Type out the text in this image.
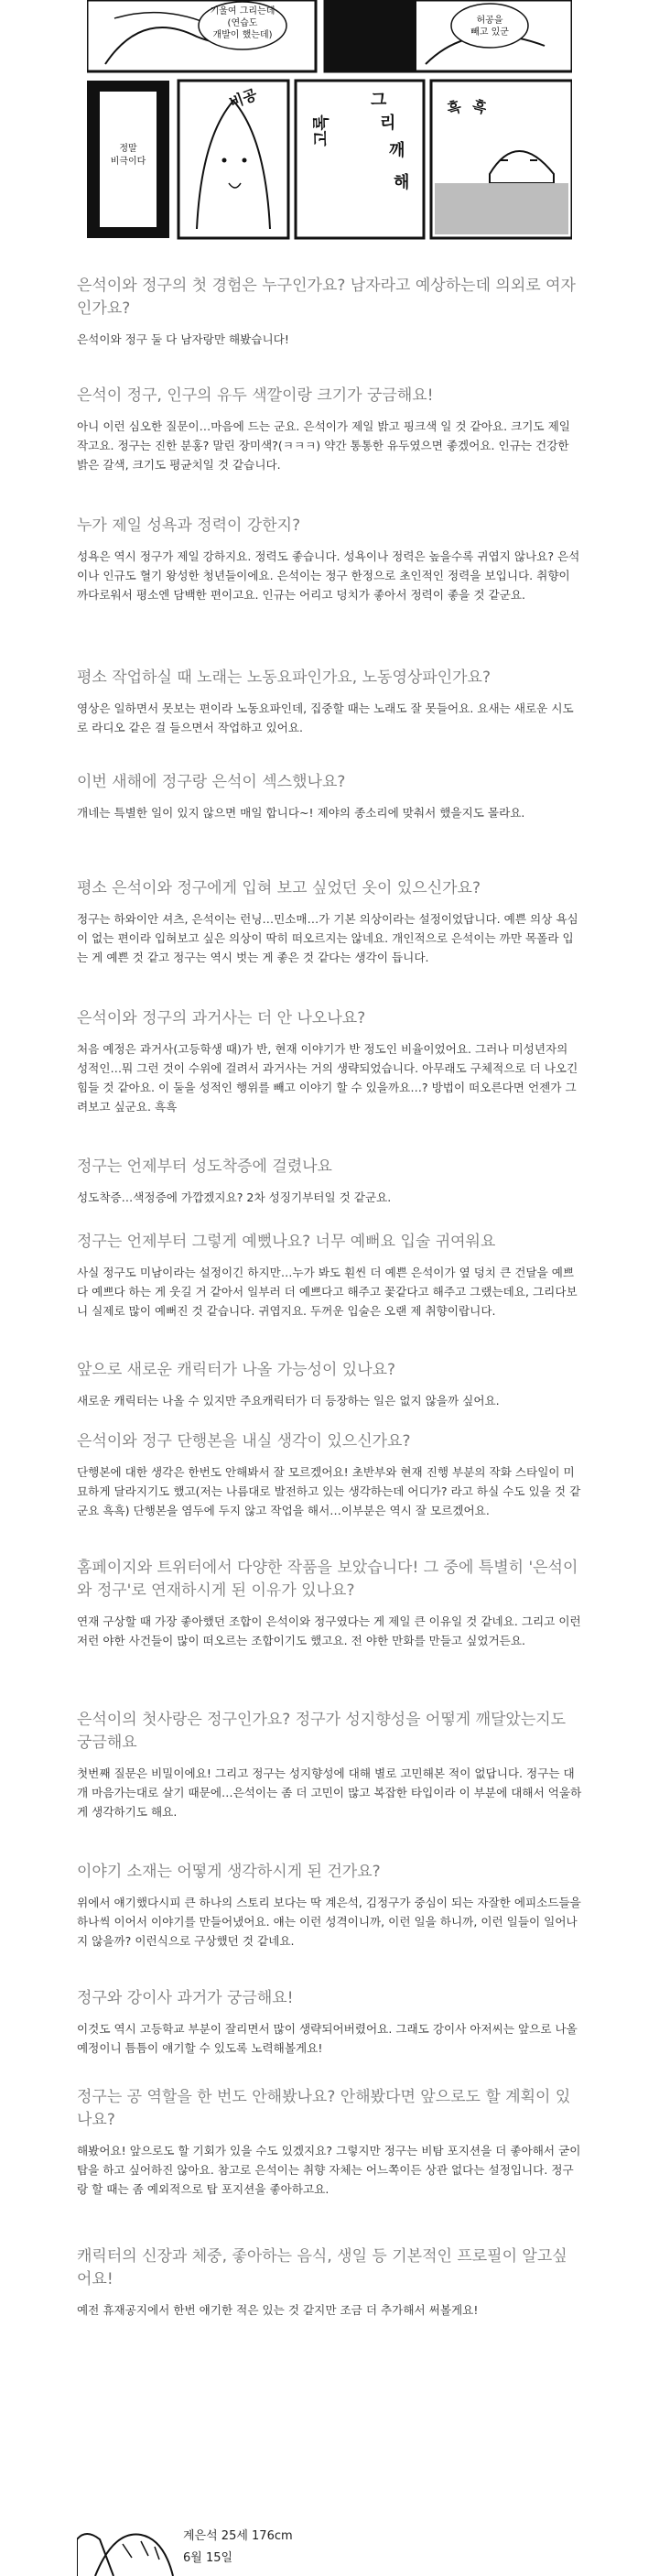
기울여 그리는데
(연습도
개발이 했는데)
허공을
빼고 있군
정말
비극이다
비공
고록
그
리
깨
해
흑 흑

은석이와 정구의 첫 경험은 누구인가요? 남자라고 예상하는데 의외로 여자인가요?

은석이와 정구 둘 다 남자랑만 해봤습니다!

은석이 정구, 인구의 유두 색깔이랑 크기가 궁금해요!

아니 이런 심오한 질문이…마음에 드는 군요. 은석이가 제일 밝고 핑크색 일 것 같아요. 크기도 제일 작고요. 정구는 진한 분홍? 말린 장미색?(ㅋㅋㅋ) 약간 통통한 유두였으면 좋겠어요. 인규는 건강한 밝은 갈색, 크기도 평균치일 것 같습니다.

누가 제일 성욕과 정력이 강한지?

성욕은 역시 정구가 제일 강하지요. 정력도 좋습니다. 성욕이나 정력은 높을수록 귀엽지 않나요? 은석이나 인규도 혈기 왕성한 청년들이에요. 은석이는 정구 한정으로 초인적인 정력을 보입니다. 취향이 까다로워서 평소엔 담백한 편이고요. 인규는 어리고 덩치가 좋아서 정력이 좋을 것 같군요.

평소 작업하실 때 노래는 노동요파인가요, 노동영상파인가요?

영상은 일하면서 못보는 편이라 노동요파인데, 집중할 때는 노래도 잘 못들어요. 요새는 새로운 시도로 라디오 같은 걸 들으면서 작업하고 있어요.

이번 새해에 정구랑 은석이 섹스했나요?

개네는 특별한 일이 있지 않으면 매일 합니다~! 제야의 종소리에 맞춰서 했을지도 몰라요.

평소 은석이와 정구에게 입혀 보고 싶었던 옷이 있으신가요?

정구는 하와이안 셔츠, 은석이는 런닝…민소매…가 기본 의상이라는 설정이었답니다. 예쁜 의상 욕심이 없는 편이라 입혀보고 싶은 의상이 딱히 떠오르지는 않네요. 개인적으로 은석이는 까만 목폴라 입는 게 예쁜 것 같고 정구는 역시 벗는 게 좋은 것 같다는 생각이 듭니다.

은석이와 정구의 과거사는 더 안 나오나요?

처음 예정은 과거사(고등학생 때)가 반, 현재 이야기가 반 정도인 비율이었어요. 그러나 미성년자의 성적인…뭐 그런 것이 수위에 걸려서 과거사는 거의 생략되었습니다. 아무래도 구체적으로 더 나오긴 힘들 것 같아요. 이 둘을 성적인 행위를 빼고 이야기 할 수 있을까요…? 방법이 떠오른다면 언젠가 그려보고 싶군요. 흑흑

정구는 언제부터 성도착증에 걸렸나요

성도착증…색정증에 가깝겠지요? 2차 성징기부터일 것 같군요.

정구는 언제부터 그렇게 예뻤나요? 너무 예뻐요 입술 귀여워요

사실 정구도 미남이라는 설정이긴 하지만…누가 봐도 훤씬 더 예쁜 은석이가 옆 덩치 큰 건달을 예쁘다 예쁘다 하는 게 웃길 거 같아서 일부러 더 예쁘다고 해주고 꽃같다고 해주고 그랬는데요, 그리다보니 실제로 많이 예뻐진 것 같습니다. 귀엽지요. 두꺼운 입술은 오랜 제 취향이랍니다.

앞으로 새로운 캐릭터가 나올 가능성이 있나요?

새로운 캐릭터는 나올 수 있지만 주요캐릭터가 더 등장하는 일은 없지 않을까 싶어요.

은석이와 정구 단행본을 내실 생각이 있으신가요?

단행본에 대한 생각은 한번도 안해봐서 잘 모르겠어요! 초반부와 현재 진행 부분의 작화 스타일이 미묘하게 달라지기도 했고(저는 나름대로 발전하고 있는 생각하는데 어디가? 라고 하실 수도 있을 것 같군요 흑흑) 단행본을 염두에 두지 않고 작업을 해서…이부분은 역시 잘 모르겠어요.

홈페이지와 트위터에서 다양한 작품을 보았습니다! 그 중에 특별히 '은석이와 정구'로 연재하시게 된 이유가 있나요?

연재 구상할 때 가장 좋아했던 조합이 은석이와 정구였다는 게 제일 큰 이유일 것 같네요. 그리고 이런저런 야한 사건들이 많이 떠오르는 조합이기도 했고요. 전 야한 만화를 만들고 싶었거든요.

은석이의 첫사랑은 정구인가요? 정구가 성지향성을 어떻게 깨달았는지도 궁금해요

첫번째 질문은 비밀이에요! 그리고 정구는 성지향성에 대해 별로 고민해본 적이 없답니다. 정구는 대개 마음가는대로 살기 때문에…은석이는 좀 더 고민이 많고 복잡한 타입이라 이 부분에 대해서 억울하게 생각하기도 해요.

이야기 소재는 어떻게 생각하시게 된 건가요?

위에서 얘기했다시피 큰 하나의 스토리 보다는 딱 계은석, 김정구가 중심이 되는 자잘한 에피소드들을 하나씩 이어서 이야기를 만들어냈어요. 얘는 이런 성격이니까, 이런 일을 하니까, 이런 일들이 일어나지 않을까? 이런식으로 구상했던 것 같네요.

정구와 강이사 과거가 궁금해요!

이것도 역시 고등학교 부분이 잘리면서 많이 생략되어버렸어요. 그래도 강이사 아저씨는 앞으로 나올 예정이니 틈틈이 얘기할 수 있도록 노력해볼게요!

정구는 공 역할을 한 번도 안해봤나요? 안해봤다면 앞으로도 할 계획이 있나요?

해봤어요! 앞으로도 할 기회가 있을 수도 있겠지요? 그렇지만 정구는 비탐 포지션을 더 좋아해서 굳이 탑을 하고 싶어하진 않아요. 참고로 은석이는 취향 자체는 어느쪽이든 상관 없다는 설정입니다. 정구랑 할 때는 좀 예외적으로 탑 포지션을 좋아하고요.

캐릭터의 신장과 체중, 좋아하는 음식, 생일 등 기본적인 프로필이 알고싶어요!

예전 휴재공지에서 한번 얘기한 적은 있는 것 같지만 조금 더 추가해서 써볼게요!

계은석 25세 176cm
6월 15일
